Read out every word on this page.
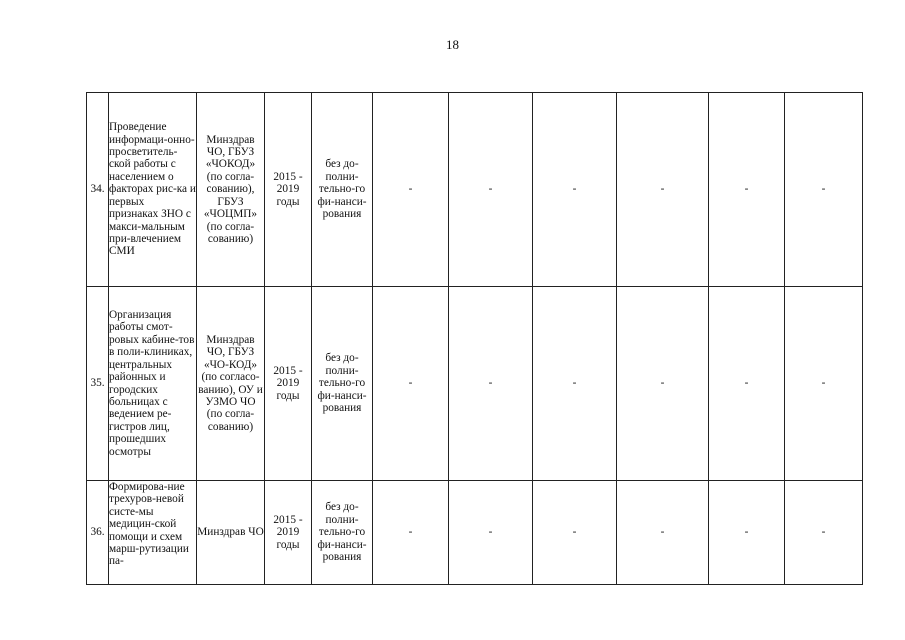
18
34.	Проведение информаци-онно-просветитель-ской работы с населением о факторах рис-ка и первых признаках ЗНО с макси-мальным при-влечением СМИ	Минздрав ЧО, ГБУЗ «ЧОКОД» (по согла-сованию), ГБУЗ «ЧОЦМП» (по согла-сованию)	2015 - 2019 годы	без до-полни-тельно-го фи-нанси-рования	-	-	-	-	-	-
35.	Организация работы смот-ровых кабине-тов в поли-клиниках, центральных районных и городских больницах с ведением ре-гистров лиц, прошедших осмотры	Минздрав ЧО, ГБУЗ «ЧО-КОД» (по согласо-ванию), ОУ и УЗМО ЧО (по согла-сованию)	2015 - 2019 годы	без до-полни-тельно-го фи-нанси-рования	-	-	-	-	-	-
36.	Формирова-ние трехуров-невой систе-мы медицин-ской помощи и схем марш-рутизации па-	Минздрав ЧО	2015 - 2019 годы	без до-полни-тельно-го фи-нанси-рования	-	-	-	-	-	-
